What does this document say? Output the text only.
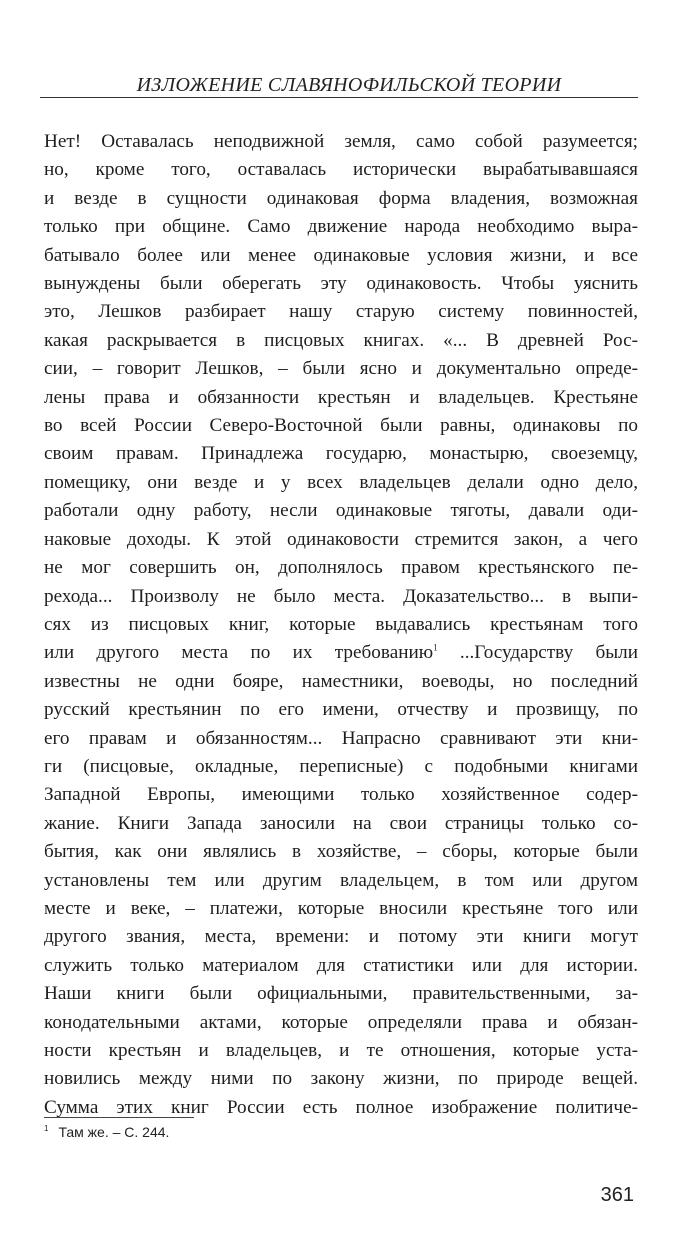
ИЗЛОЖЕНИЕ СЛАВЯНОФИЛЬСКОЙ ТЕОРИИ
Нет! Оставалась неподвижной земля, само собой разумеется;
но, кроме того, оставалась исторически вырабатывавшаяся
и везде в сущности одинаковая форма владения, возможная
только при общине. Само движение народа необходимо выра-
батывало более или менее одинаковые условия жизни, и все
вынуждены были оберегать эту одинаковость. Чтобы уяснить
это, Лешков разбирает нашу старую систему повинностей,
какая раскрывается в писцовых книгах. «... В древней Рос-
сии, – говорит Лешков, – были ясно и документально опреде-
лены права и обязанности крестьян и владельцев. Крестьяне
во всей России Северо-Восточной были равны, одинаковы по
своим правам. Принадлежа государю, монастырю, своеземцу,
помещику, они везде и у всех владельцев делали одно дело,
работали одну работу, несли одинаковые тяготы, давали оди-
наковые доходы. К этой одинаковости стремится закон, а чего
не мог совершить он, дополнялось правом крестьянского пе-
рехода... Произволу не было места. Доказательство... в выпи-
сях из писцовых книг, которые выдавались крестьянам того
или другого места по их требованию$^1$ ...Государству были
известны не одни бояре, наместники, воеводы, но последний
русский крестьянин по его имени, отчеству и прозвищу, по
его правам и обязанностям... Напрасно сравнивают эти кни-
ги (писцовые, окладные, переписные) с подобными книгами
Западной Европы, имеющими только хозяйственное содер-
жание. Книги Запада заносили на свои страницы только со-
бытия, как они являлись в хозяйстве, – сборы, которые были
установлены тем или другим владельцем, в том или другом
месте и веке, – платежи, которые вносили крестьяне того или
другого звания, места, времени: и потому эти книги могут
служить только материалом для статистики или для истории.
Наши книги были официальными, правительственными, за-
конодательными актами, которые определяли права и обязан-
ности крестьян и владельцев, и те отношения, которые уста-
новились между ними по закону жизни, по природе вещей.
Сумма этих книг России есть полное изображение политиче-
$^1$ Там же. – С. 244.
361
